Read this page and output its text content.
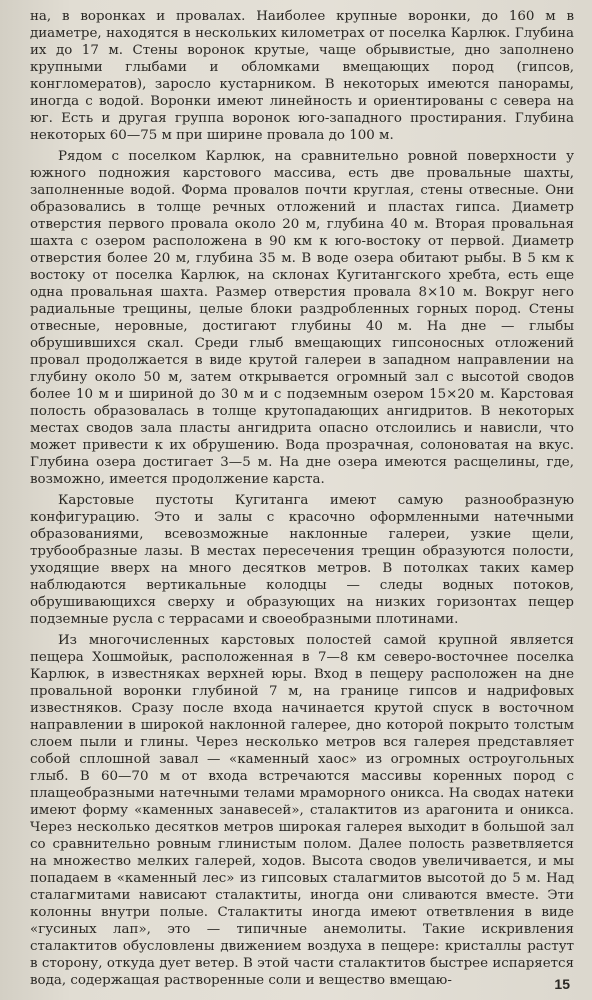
на, в воронках и провалах. Наиболее крупные воронки, до 160 м в диаметре, находятся в нескольких километрах от поселка Карлюк. Глубина их до 17 м. Стены воронок крутые, чаще обрывистые, дно заполнено крупными глыбами и обломками вмещающих пород (гипсов, конгломератов), заросло кустарником. В некоторых имеются панорамы, иногда с водой. Воронки имеют линейность и ориентированы с севера на юг. Есть и другая группа воронок юго-западного простирания. Глубина некоторых 60—75 м при ширине провала до 100 м.

Рядом с поселком Карлюк, на сравнительно ровной поверхности у южного подножия карстового массива, есть две провальные шахты, заполненные водой. Форма провалов почти круглая, стены отвесные. Они образовались в толще речных отложений и пластах гипса. Диаметр отверстия первого провала около 20 м, глубина 40 м. Вторая провальная шахта с озером расположена в 90 км к юго-востоку от первой. Диаметр отверстия более 20 м, глубина 35 м. В воде озера обитают рыбы. В 5 км к востоку от поселка Карлюк, на склонах Кугитангского хребта, есть еще одна провальная шахта. Размер отверстия провала 8×10 м. Вокруг него радиальные трещины, целые блоки раздробленных горных пород. Стены отвесные, неровные, достигают глубины 40 м. На дне — глыбы обрушившихся скал. Среди глыб вмещающих гипсоносных отложений провал продолжается в виде крутой галереи в западном направлении на глубину около 50 м, затем открывается огромный зал с высотой сводов более 10 м и шириной до 30 м и с подземным озером 15×20 м. Карстовая полость образовалась в толще крутопадающих ангидритов. В некоторых местах сводов зала пласты ангидрита опасно отслоились и нависли, что может привести к их обрушению. Вода прозрачная, солоноватая на вкус. Глубина озера достигает 3—5 м. На дне озера имеются расщелины, где, возможно, имеется продолжение карста.

Карстовые пустоты Кугитанга имеют самую разнообразную конфигурацию. Это и залы с красочно оформленными натечными образованиями, всевозможные наклонные галереи, узкие щели, трубообразные лазы. В местах пересечения трещин образуются полости, уходящие вверх на много десятков метров. В потолках таких камер наблюдаются вертикальные колодцы — следы водных потоков, обрушивающихся сверху и образующих на низких горизонтах пещер подземные русла с террасами и своеобразными плотинами.

Из многочисленных карстовых полостей самой крупной является пещера Хошмойык, расположенная в 7—8 км северо-восточнее поселка Карлюк, в известняках верхней юры. Вход в пещеру расположен на дне провальной воронки глубиной 7 м, на границе гипсов и надрифовых известняков. Сразу после входа начинается крутой спуск в восточном направлении в широкой наклонной галерее, дно которой покрыто толстым слоем пыли и глины. Через несколько метров вся галерея представляет собой сплошной завал — «каменный хаос» из огромных остроугольных глыб. В 60—70 м от входа встречаются массивы коренных пород с плащеобразными натечными телами мраморного оникса. На сводах натеки имеют форму «каменных занавесей», сталактитов из арагонита и оникса. Через несколько десятков метров широкая галерея выходит в большой зал со сравнительно ровным глинистым полом. Далее полость разветвляется на множество мелких галерей, ходов. Высота сводов увеличивается, и мы попадаем в «каменный лес» из гипсовых сталагмитов высотой до 5 м. Над сталагмитами нависают сталактиты, иногда они сливаются вместе. Эти колонны внутри полые. Сталактиты иногда имеют ответвления в виде «гусиных лап», это — типичные анемолиты. Такие искривления сталактитов обусловлены движением воздуха в пещере: кристаллы растут в сторону, откуда дует ветер. В этой части сталактитов быстрее испаряется вода, содержащая растворенные соли и вещество вмещаю-	15
